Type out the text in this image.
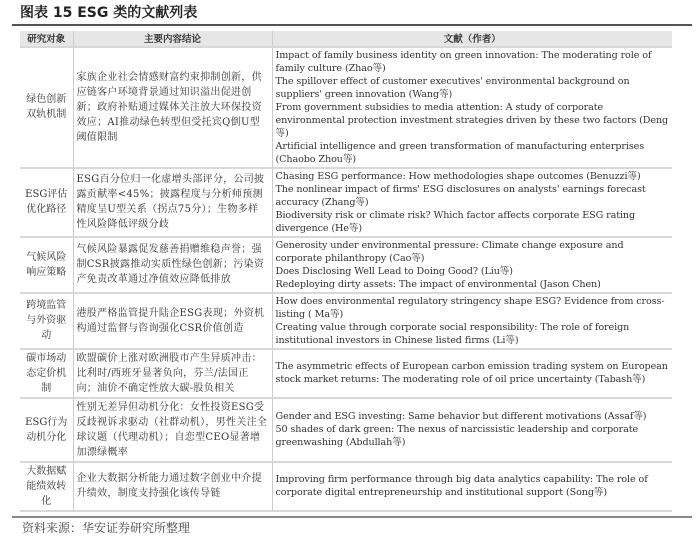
图表 15 ESG 类的文献列表
研究对象	主要内容结论	文献（作者）
绿色创新双轨机制	家族企业社会情感财富约束抑制创新，供应链客户环境背景通过知识溢出促进创新；政府补贴通过媒体关注放大环保投资效应；AI推动绿色转型但受托宾Q倒U型阈值限制	Impact of family business identity on green innovation: The moderating role of family culture (Zhao等)
The spillover effect of customer executives' environmental background on suppliers' green innovation (Wang等)
From government subsidies to media attention: A study of corporate environmental protection investment strategies driven by these two factors (Deng等)
Artificial intelligence and green transformation of manufacturing enterprises (Chaobo Zhou等)

ESG评估优化路径	ESG百分位归一化虚增头部评分，公司披露贡献率<45%；披露程度与分析师预测精度呈U型关系（拐点75分）；生物多样性风险降低评级分歧	Chasing ESG performance: How methodologies shape outcomes (Benuzzi等)
The nonlinear impact of firms' ESG disclosures on analysts' earnings forecast accuracy (Zhang等)
Biodiversity risk or climate risk? Which factor affects corporate ESG rating divergence (He等)

气候风险响应策略	气候风险暴露促发慈善捐赠维稳声誉；强制CSR披露推动实质性绿色创新；污染资产免责改革通过净值效应降低排放	Generosity under environmental pressure: Climate change exposure and corporate philanthropy (Cao等)
Does Disclosing Well Lead to Doing Good? (Liu等)
Redeploying dirty assets: The impact of environmental (Jason Chen)

跨境监管与外资驱动	港股严格监管提升陆企ESG表现；外资机构通过监督与咨询强化CSR价值创造	How does environmental regulatory stringency shape ESG? Evidence from cross-listing ( Ma等)
Creating value through corporate social responsibility: The role of foreign institutional investors in Chinese listed firms (Li等)

碳市场动态定价机制	欧盟碳价上涨对欧洲股市产生异质冲击：比利时/西班牙显著负向，芬兰/法国正向；油价不确定性放大碳-股负相关	The asymmetric effects of European carbon emission trading system on European stock market returns: The moderating role of oil price uncertainty (Tabash等)

ESG行为动机分化	性别无差异但动机分化：女性投资ESG受反歧视诉求驱动（社群动机），男性关注全球议题（代理动机）；自恋型CEO显著增加漂绿概率	Gender and ESG investing: Same behavior but different motivations (Assaf等)
50 shades of dark green: The nexus of narcissistic leadership and corporate greenwashing (Abdullah等)

大数据赋能绩效转化	企业大数据分析能力通过数字创业中介提升绩效，制度支持强化该传导链	Improving firm performance through big data analytics capability: The role of corporate digital entrepreneurship and institutional support (Song等)
资料来源：华安证券研究所整理
